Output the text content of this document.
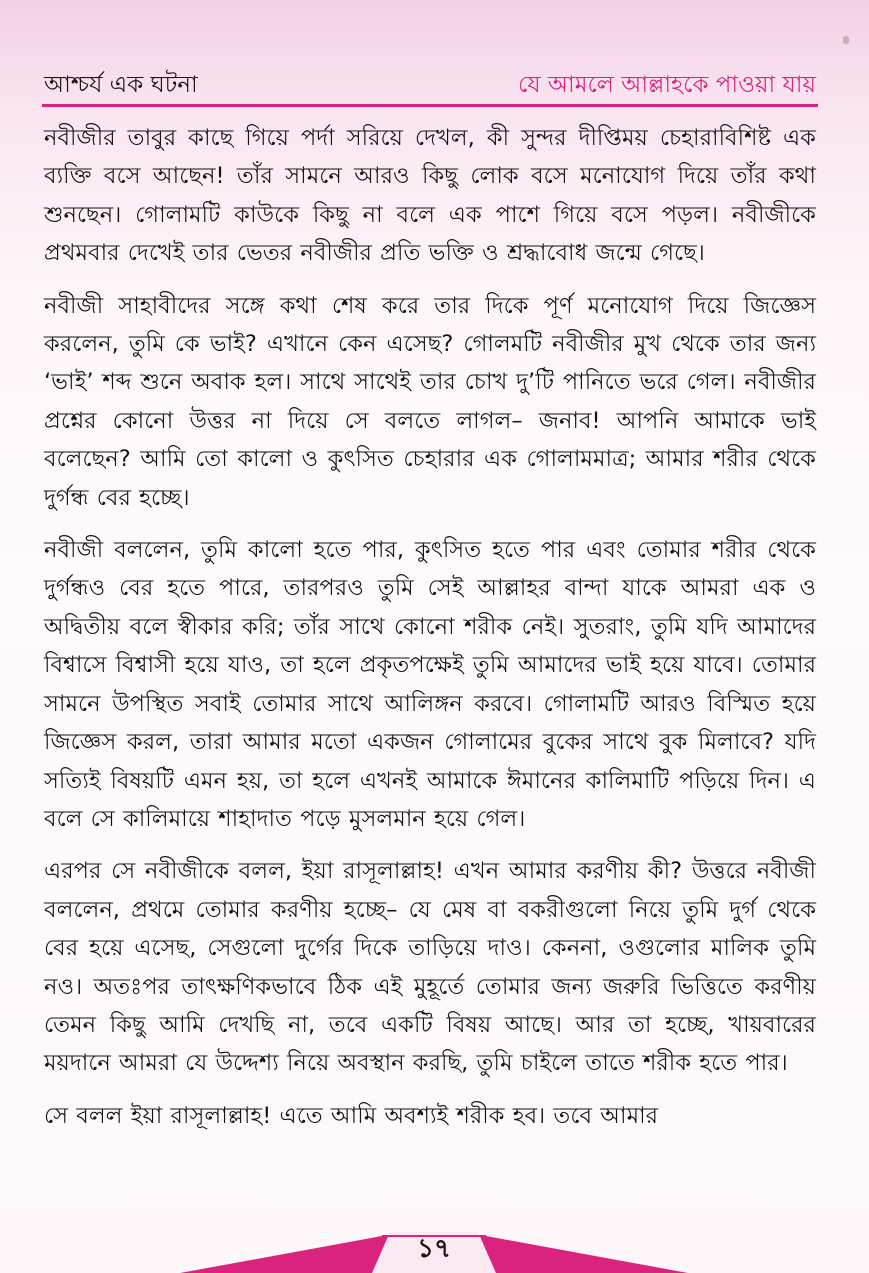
আশ্চর্য এক ঘটনা	যে আমলে আল্লাহকে পাওয়া যায়

নবীজীর তাবুর কাছে গিয়ে পর্দা সরিয়ে দেখল, কী সুন্দর দীপ্তিময় চেহারাবিশিষ্ট এক ব্যক্তি বসে আছেন! তাঁর সামনে আরও কিছু লোক বসে মনোযোগ দিয়ে তাঁর কথা শুনছেন। গোলামটি কাউকে কিছু না বলে এক পাশে গিয়ে বসে পড়ল। নবীজীকে প্রথমবার দেখেই তার ভেতর নবীজীর প্রতি ভক্তি ও শ্রদ্ধাবোধ জন্মে গেছে।

নবীজী সাহাবীদের সঙ্গে কথা শেষ করে তার দিকে পূর্ণ মনোযোগ দিয়ে জিজ্ঞেস করলেন, তুমি কে ভাই? এখানে কেন এসেছ? গোলমটি নবীজীর মুখ থেকে তার জন্য ‘ভাই’ শব্দ শুনে অবাক হল। সাথে সাথেই তার চোখ দু’টি পানিতে ভরে গেল। নবীজীর প্রশ্নের কোনো উত্তর না দিয়ে সে বলতে লাগল– জনাব! আপনি আমাকে ভাই বলেছেন? আমি তো কালো ও কুৎসিত চেহারার এক গোলামমাত্র; আমার শরীর থেকে দুর্গন্ধ বের হচ্ছে।

নবীজী বললেন, তুমি কালো হতে পার, কুৎসিত হতে পার এবং তোমার শরীর থেকে দুর্গন্ধও বের হতে পারে, তারপরও তুমি সেই আল্লাহর বান্দা যাকে আমরা এক ও অদ্বিতীয় বলে স্বীকার করি; তাঁর সাথে কোনো শরীক নেই। সুতরাং, তুমি যদি আমাদের বিশ্বাসে বিশ্বাসী হয়ে যাও, তা হলে প্রকৃতপক্ষেই তুমি আমাদের ভাই হয়ে যাবে। তোমার সামনে উপস্থিত সবাই তোমার সাথে আলিঙ্গন করবে। গোলামটি আরও বিস্মিত হয়ে জিজ্ঞেস করল, তারা আমার মতো একজন গোলামের বুকের সাথে বুক মিলাবে? যদি সত্যিই বিষয়টি এমন হয়, তা হলে এখনই আমাকে ঈমানের কালিমাটি পড়িয়ে দিন। এ বলে সে কালিমায়ে শাহাদাত পড়ে মুসলমান হয়ে গেল।

এরপর সে নবীজীকে বলল, ইয়া রাসূলাল্লাহ! এখন আমার করণীয় কী? উত্তরে নবীজী বললেন, প্রথমে তোমার করণীয় হচ্ছে– যে মেষ বা বকরীগুলো নিয়ে তুমি দুর্গ থেকে বের হয়ে এসেছ, সেগুলো দুর্গের দিকে তাড়িয়ে দাও। কেননা, ওগুলোর মালিক তুমি নও। অতঃপর তাৎক্ষণিকভাবে ঠিক এই মুহূর্তে তোমার জন্য জরুরি ভিত্তিতে করণীয় তেমন কিছু আমি দেখছি না, তবে একটি বিষয় আছে। আর তা হচ্ছে, খায়বারের ময়দানে আমরা যে উদ্দেশ্য নিয়ে অবস্থান করছি, তুমি চাইলে তাতে শরীক হতে পার।

সে বলল ইয়া রাসূলাল্লাহ! এতে আমি অবশ্যই শরীক হব। তবে আমার

১৭
